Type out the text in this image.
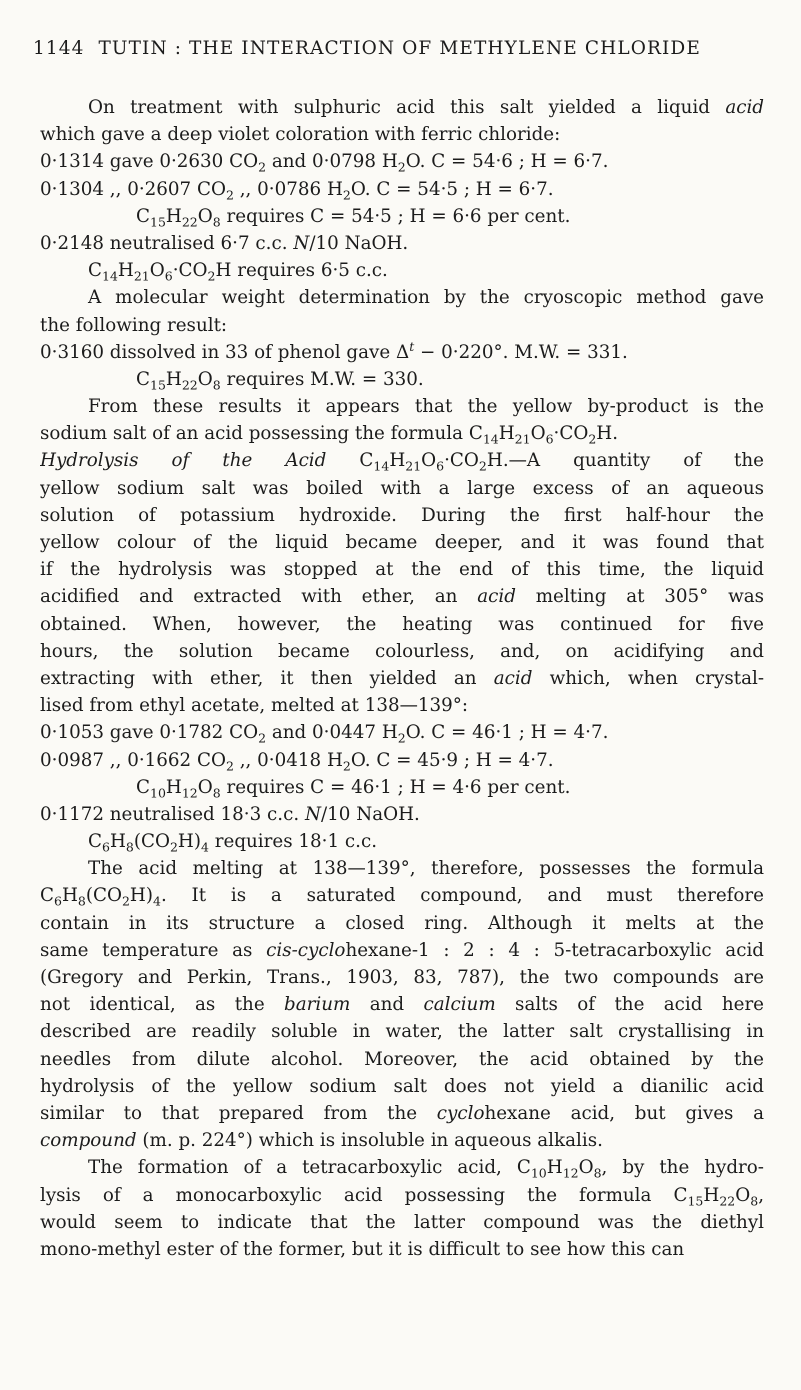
1144 TUTIN : THE INTERACTION OF METHYLENE CHLORIDE
On treatment with sulphuric acid this salt yielded a liquid acid
which gave a deep violet coloration with ferric chloride:
0·1314 gave 0·2630 $CO_2$ and 0·0798 $H_2O$. C = 54·6 ; H = 6·7.
0·1304 ,, 0·2607 $CO_2$ ,, 0·0786 $H_2O$. C = 54·5 ; H = 6·7.
$C_{15}H_{22}O_8$ requires C = 54·5 ; H = 6·6 per cent.
0·2148 neutralised 6·7 c.c. N/10 NaOH.
$C_{14}H_{21}O_6\cdot CO_2H$ requires 6·5 c.c.
A molecular weight determination by the cryoscopic method gave
the following result:
0·3160 dissolved in 33 of phenol gave $\Delta^t - 0\cdot 220^\circ$. M.W. = 331.
$C_{15}H_{22}O_8$ requires M.W. = 330.
From these results it appears that the yellow by-product is the
sodium salt of an acid possessing the formula $C_{14}H_{21}O_6\cdot CO_2H$.
Hydrolysis of the Acid $C_{14}H_{21}O_6\cdot CO_2H.—A$ quantity of the
yellow sodium salt was boiled with a large excess of an aqueous
solution of potassium hydroxide. During the first half-hour the
yellow colour of the liquid became deeper, and it was found that
if the hydrolysis was stopped at the end of this time, the liquid
acidified and extracted with ether, an acid melting at 305° was
obtained. When, however, the heating was continued for five
hours, the solution became colourless, and, on acidifying and
extracting with ether, it then yielded an acid which, when crystal-
lised from ethyl acetate, melted at 138—139°:
0·1053 gave 0·1782 $CO_2$ and 0·0447 $H_2O$. C = 46·1 ; H = 4·7.
0·0987 ,, 0·1662 $CO_2$ ,, 0·0418 $H_2O$. C = 45·9 ; H = 4·7.
$C_{10}H_{12}O_8$ requires C = 46·1 ; H = 4·6 per cent.
0·1172 neutralised 18·3 c.c. N/10 NaOH.
$C_6H_8(CO_2H)_4$ requires 18·1 c.c.
The acid melting at 138—139°, therefore, possesses the formula
$C_6H_8(CO_2H)_4$. It is a saturated compound, and must therefore
contain in its structure a closed ring. Although it melts at the
same temperature as cis-cyclohexane-1 : 2 : 4 : 5-tetracarboxylic acid
(Gregory and Perkin, Trans., 1903, 83, 787), the two compounds are
not identical, as the barium and calcium salts of the acid here
described are readily soluble in water, the latter salt crystallising in
needles from dilute alcohol. Moreover, the acid obtained by the
hydrolysis of the yellow sodium salt does not yield a dianilic acid
similar to that prepared from the cyclohexane acid, but gives a
compound (m. p. 224°) which is insoluble in aqueous alkalis.
The formation of a tetracarboxylic acid, $C_{10}H_{12}O_8$, by the hydro-
lysis of a monocarboxylic acid possessing the formula $C_{15}H_{22}O_8$,
would seem to indicate that the latter compound was the diethyl
mono-methyl ester of the former, but it is difficult to see how this can
